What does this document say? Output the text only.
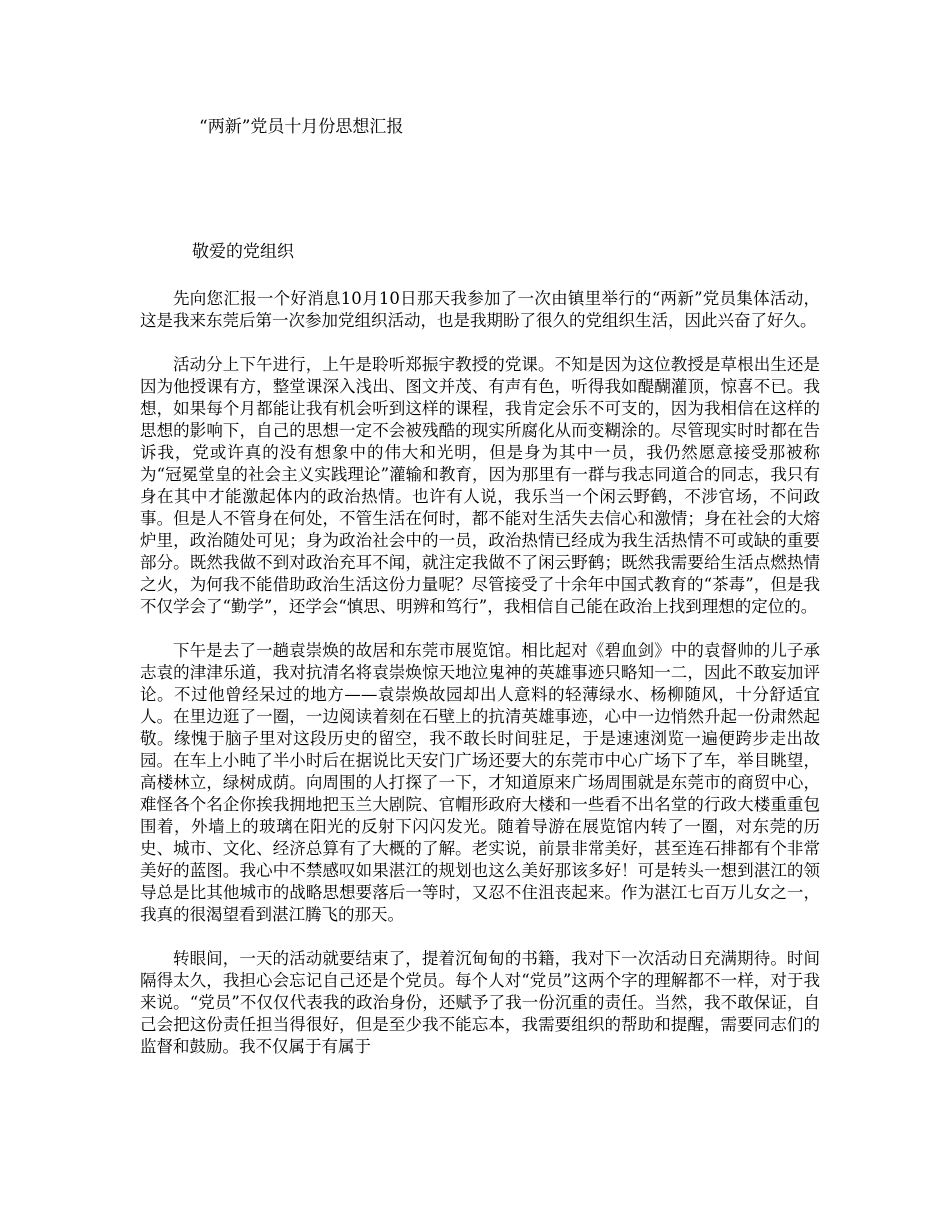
“两新”党员十月份思想汇报
敬爱的党组织

先向您汇报一个好消息10月10日那天我参加了一次由镇里举行的“两新”党员集体活动，这是我来东莞后第一次参加党组织活动，也是我期盼了很久的党组织生活，因此兴奋了好久。

活动分上下午进行，上午是聆听郑振宇教授的党课。不知是因为这位教授是草根出生还是因为他授课有方，整堂课深入浅出、图文并茂、有声有色，听得我如醍醐灌顶，惊喜不已。我想，如果每个月都能让我有机会听到这样的课程，我肯定会乐不可支的，因为我相信在这样的思想的影响下，自己的思想一定不会被残酷的现实所腐化从而变糊涂的。尽管现实时时都在告诉我，党或许真的没有想象中的伟大和光明，但是身为其中一员，我仍然愿意接受那被称为“冠冕堂皇的社会主义实践理论”灌输和教育，因为那里有一群与我志同道合的同志，我只有身在其中才能激起体内的政治热情。也许有人说，我乐当一个闲云野鹤，不涉官场，不问政事。但是人不管身在何处，不管生活在何时，都不能对生活失去信心和激情；身在社会的大熔炉里，政治随处可见；身为政治社会中的一员，政治热情已经成为我生活热情不可或缺的重要部分。既然我做不到对政治充耳不闻，就注定我做不了闲云野鹤；既然我需要给生活点燃热情之火，为何我不能借助政治生活这份力量呢？尽管接受了十余年中国式教育的“茶毒”，但是我不仅学会了“勤学”，还学会“慎思、明辨和笃行”，我相信自己能在政治上找到理想的定位的。

下午是去了一趟袁崇焕的故居和东莞市展览馆。相比起对《碧血剑》中的袁督帅的儿子承志袁的津津乐道，我对抗清名将袁崇焕惊天地泣鬼神的英雄事迹只略知一二，因此不敢妄加评论。不过他曾经呆过的地方——袁崇焕故园却出人意料的轻薄绿水、杨柳随风，十分舒适宜人。在里边逛了一圈，一边阅读着刻在石壁上的抗清英雄事迹，心中一边悄然升起一份肃然起敬。缘愧于脑子里对这段历史的留空，我不敢长时间驻足，于是速速浏览一遍便跨步走出故园。在车上小盹了半小时后在据说比天安门广场还要大的东莞市中心广场下了车，举目眺望，高楼林立，绿树成荫。向周围的人打探了一下，才知道原来广场周围就是东莞市的商贸中心，难怪各个名企你挨我拥地把玉兰大剧院、官帽形政府大楼和一些看不出名堂的行政大楼重重包围着，外墙上的玻璃在阳光的反射下闪闪发光。随着导游在展览馆内转了一圈，对东莞的历史、城市、文化、经济总算有了大概的了解。老实说，前景非常美好，甚至连石排都有个非常美好的蓝图。我心中不禁感叹如果湛江的规划也这么美好那该多好！可是转头一想到湛江的领导总是比其他城市的战略思想要落后一等时，又忍不住沮丧起来。作为湛江七百万儿女之一，我真的很渴望看到湛江腾飞的那天。

转眼间，一天的活动就要结束了，提着沉甸甸的书籍，我对下一次活动日充满期待。时间隔得太久，我担心会忘记自己还是个党员。每个人对“党员”这两个字的理解都不一样，对于我来说。“党员”不仅仅代表我的政治身份，还赋予了我一份沉重的责任。当然，我不敢保证，自己会把这份责任担当得很好，但是至少我不能忘本，我需要组织的帮助和提醒，需要同志们的监督和鼓励。我不仅属于有属于
